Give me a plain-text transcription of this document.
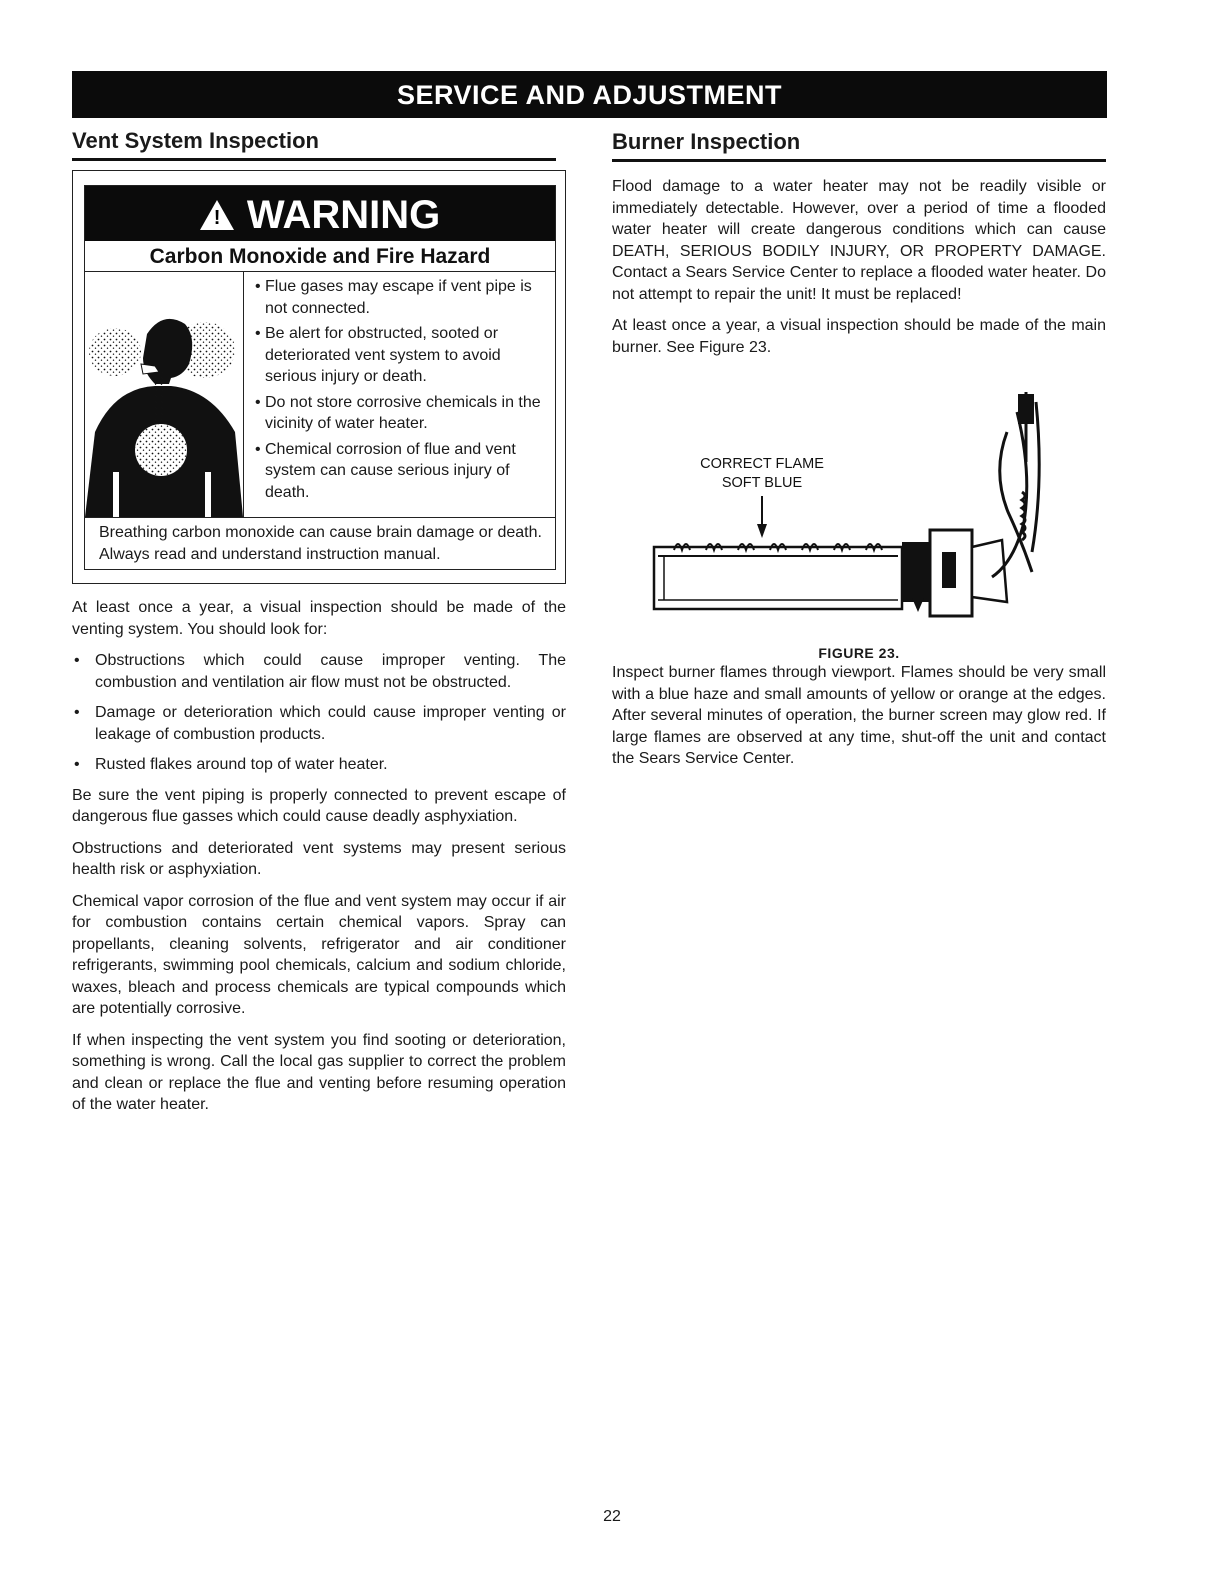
SERVICE AND ADJUSTMENT
Vent System Inspection
! WARNING
Carbon Monoxide and Fire Hazard
• Flue gases may escape if vent pipe is not connected.
• Be alert for obstructed, sooted or deteriorated vent system to avoid serious injury or death.
• Do not store corrosive chemicals in the vicinity of water heater.
• Chemical corrosion of flue and vent system can cause serious injury of death.
Breathing carbon monoxide can cause brain damage or death. Always read and understand instruction manual.

At least once a year, a visual inspection should be made of the venting system. You should look for:

• Obstructions which could cause improper venting. The combustion and ventilation air flow must not be obstructed.
• Damage or deterioration which could cause improper venting or leakage of combustion products.
• Rusted flakes around top of water heater.

Be sure the vent piping is properly connected to prevent escape of dangerous flue gasses which could cause deadly asphyxiation.

Obstructions and deteriorated vent systems may present serious health risk or asphyxiation.

Chemical vapor corrosion of the flue and vent system may occur if air for combustion contains certain chemical vapors. Spray can propellants, cleaning solvents, refrigerator and air conditioner refrigerants, swimming pool chemicals, calcium and sodium chloride, waxes, bleach and process chemicals are typical compounds which are potentially corrosive.

If when inspecting the vent system you find sooting or deterioration, something is wrong. Call the local gas supplier to correct the problem and clean or replace the flue and venting before resuming operation of the water heater.

Burner Inspection

Flood damage to a water heater may not be readily visible or immediately detectable. However, over a period of time a flooded water heater will create dangerous conditions which can cause DEATH, SERIOUS BODILY INJURY, OR PROPERTY DAMAGE. Contact a Sears Service Center to replace a flooded water heater. Do not attempt to repair the unit! It must be replaced!

At least once a year, a visual inspection should be made of the main burner. See Figure 23.

CORRECT FLAME
SOFT BLUE
FIGURE 23.

Inspect burner flames through viewport. Flames should be very small with a blue haze and small amounts of yellow or orange at the edges. After several minutes of operation, the burner screen may glow red. If large flames are observed at any time, shut-off the unit and contact the Sears Service Center.

22
